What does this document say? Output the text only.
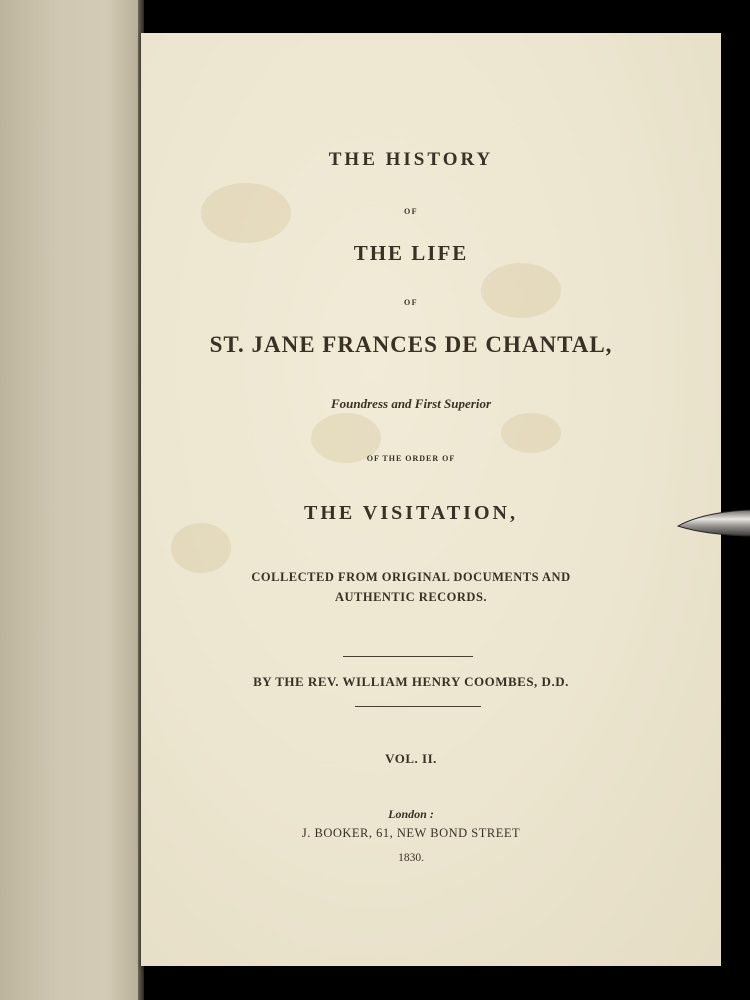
THE HISTORY
OF
THE LIFE
OF
ST. JANE FRANCES DE CHANTAL,
Foundress and First Superior
OF THE ORDER OF
THE VISITATION,
COLLECTED FROM ORIGINAL DOCUMENTS AND
AUTHENTIC RECORDS.
BY THE REV. WILLIAM HENRY COOMBES, D.D.
VOL. II.
London :
J. BOOKER, 61, NEW BOND STREET
1830.
